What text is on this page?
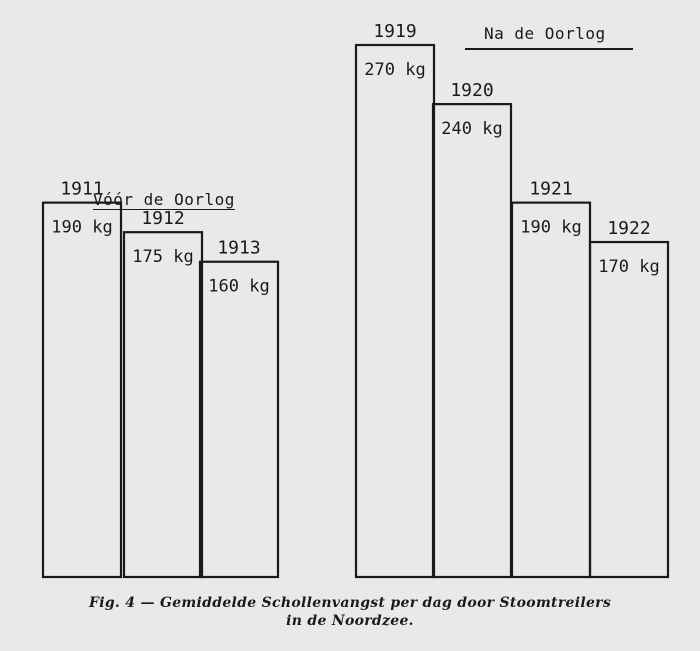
Vóór de Oorlog
Na de Oorlog
1911
190 kg 1912
175 kg 1913
160 kg
1919
270 kg
1920
240 kg
1921
190 kg 1922
170 kg
Fig. 4 — Gemiddelde Schollenvangst per dag door Stoomtreilers
in de Noordzee.
